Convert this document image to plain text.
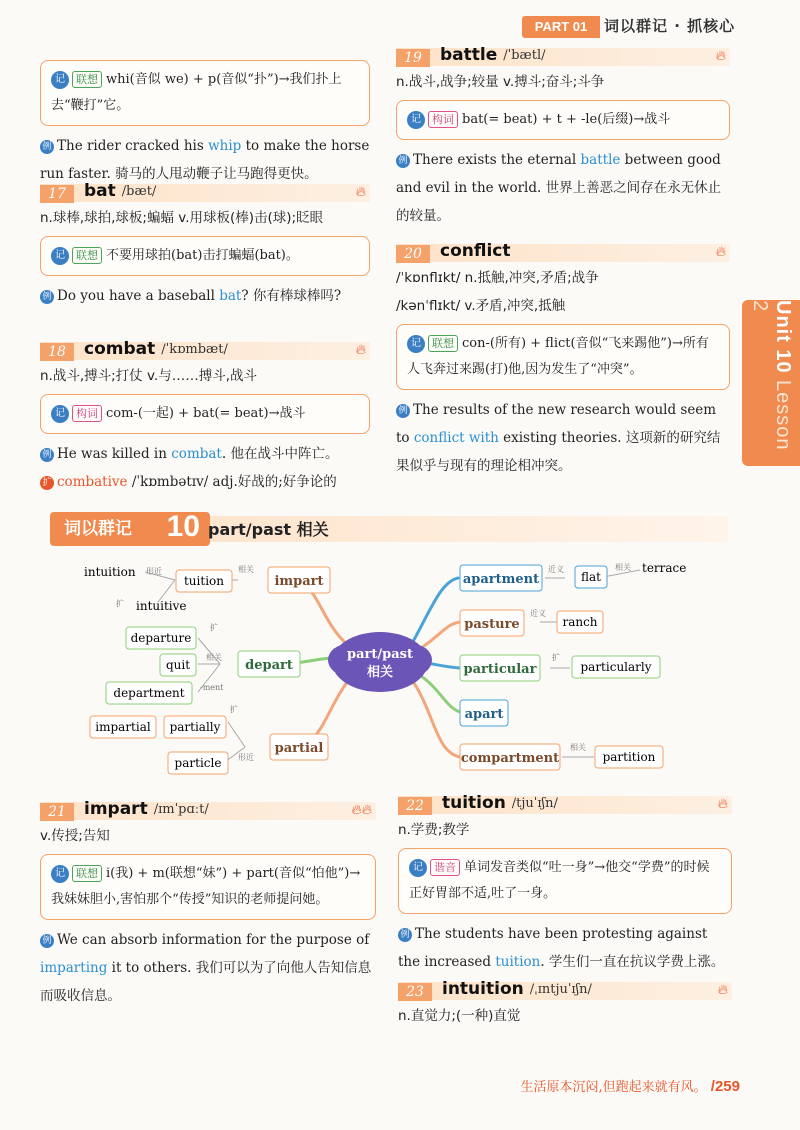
PART 01	词以群记 · 抓核心
Unit 10Lesson 2
记 联想 whi(音似 we) + p(音似“扑”)→我们扑上去“鞭打”它。
例 The rider cracked his whip to make the horse run faster. 骑马的人甩动鞭子让马跑得更快。
17	bat /bæt/	🔥︎
n.球棒,球拍,球板;蝙蝠 v.用球板(棒)击(球);眨眼
记 联想 不要用球拍(bat)击打蝙蝠(bat)。
例 Do you have a baseball bat? 你有棒球棒吗?
18	combat /ˈkɒmbæt/	🔥︎
n.战斗,搏斗;打仗 v.与……搏斗,战斗
记 构词 com-(一起) + bat(= beat)→战斗
例 He was killed in combat. 他在战斗中阵亡。
扩 combative /ˈkɒmbətɪv/ adj.好战的;好争论的
19	battle /ˈbætl/	🔥︎
n.战斗,战争;较量 v.搏斗;奋斗;斗争
记 构词 bat(= beat) + t + -le(后缀)→战斗
例 There exists the eternal battle between good and evil in the world. 世界上善恶之间存在永无休止的较量。
20	conflict	🔥︎
/ˈkɒnflɪkt/ n.抵触,冲突,矛盾;战争
/kənˈflɪkt/ v.矛盾,冲突,抵触
记 联想 con-(所有) + flict(音似“飞来踢他”)→所有人飞奔过来踢(打)他,因为发生了“冲突”。
例 The results of the new research would seem to conflict with existing theories. 这项新的研究结果似乎与现有的理论相冲突。
词以群记 10 part/past 相关
part/past
相关
impart
tuition
相关
intuition 形近
intuitive
扩
depart
departure
扩
quit
相关
department -ment
partial
partially
扩
impartial
particle 形近
apartment
近义
flat
相关 terrace
pasture
近义
ranch
particular
扩
particularly
apart
compartment
相关
partition
21	impart /ɪmˈpɑːt/	🔥︎🔥︎
v.传授;告知
记 联想 i(我) + m(联想“妹”) + part(音似“怕他”)→我妹妹胆小,害怕那个“传授”知识的老师提问她。
例 We can absorb information for the purpose of imparting it to others. 我们可以为了向他人告知信息而吸收信息。
22	tuition /tjuˈɪʃn/	🔥︎
n.学费;教学
记 谐音 单词发音类似“吐一身”→他交“学费”的时候正好胃部不适,吐了一身。
例 The students have been protesting against the increased tuition. 学生们一直在抗议学费上涨。
23	intuition /ˌɪntjuˈɪʃn/	🔥︎
n.直觉力;(一种)直觉
生活原本沉闷,但跑起来就有风。 /259
